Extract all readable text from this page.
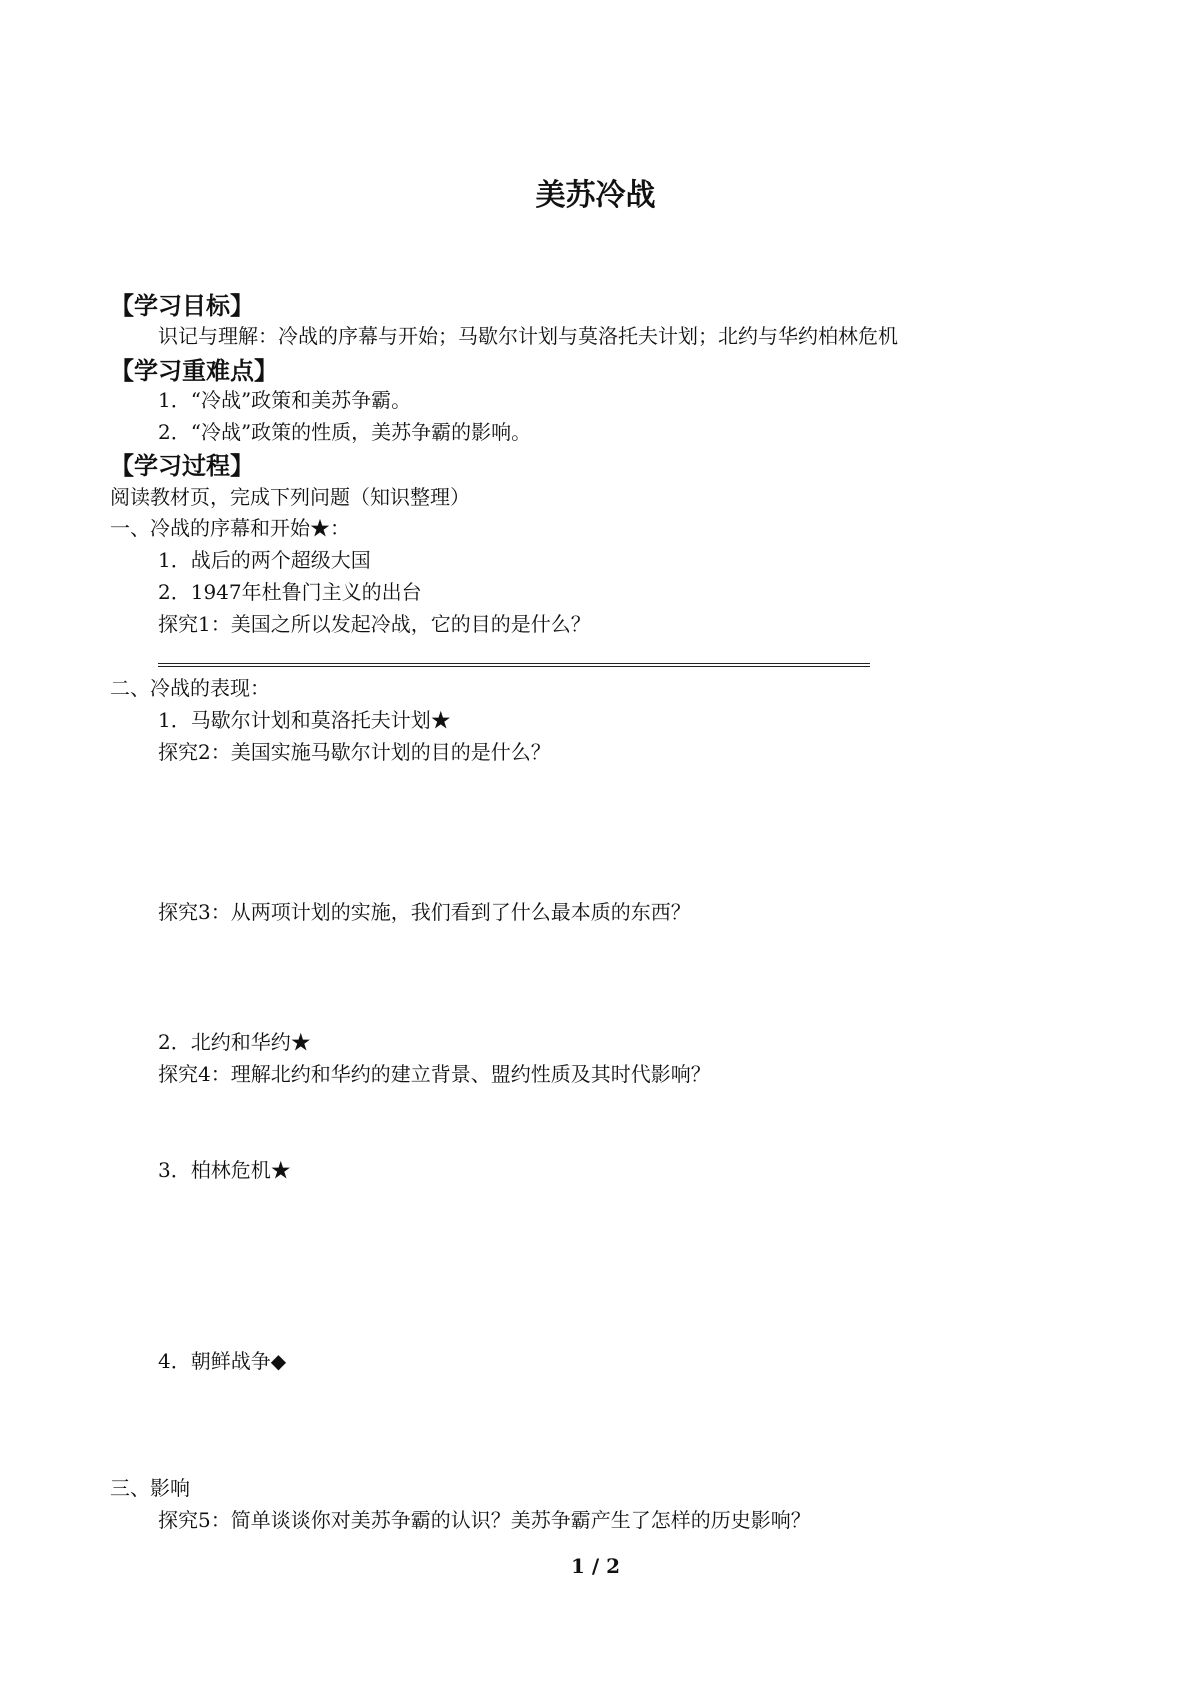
美苏冷战
【学习目标】
识记与理解：冷战的序幕与开始；马歇尔计划与莫洛托夫计划；北约与华约柏林危机
【学习重难点】
1．“冷战”政策和美苏争霸。
2．“冷战”政策的性质，美苏争霸的影响。
【学习过程】
阅读教材页，完成下列问题（知识整理）
一、冷战的序幕和开始★：
1．战后的两个超级大国
2．1947年杜鲁门主义的出台
探究1：美国之所以发起冷战，它的目的是什么？
二、冷战的表现：
1．马歇尔计划和莫洛托夫计划★
探究2：美国实施马歇尔计划的目的是什么？
探究3：从两项计划的实施，我们看到了什么最本质的东西？
2．北约和华约★
探究4：理解北约和华约的建立背景、盟约性质及其时代影响？
3．柏林危机★
4．朝鲜战争◆
三、影响
探究5：简单谈谈你对美苏争霸的认识？美苏争霸产生了怎样的历史影响？
1 / 2
